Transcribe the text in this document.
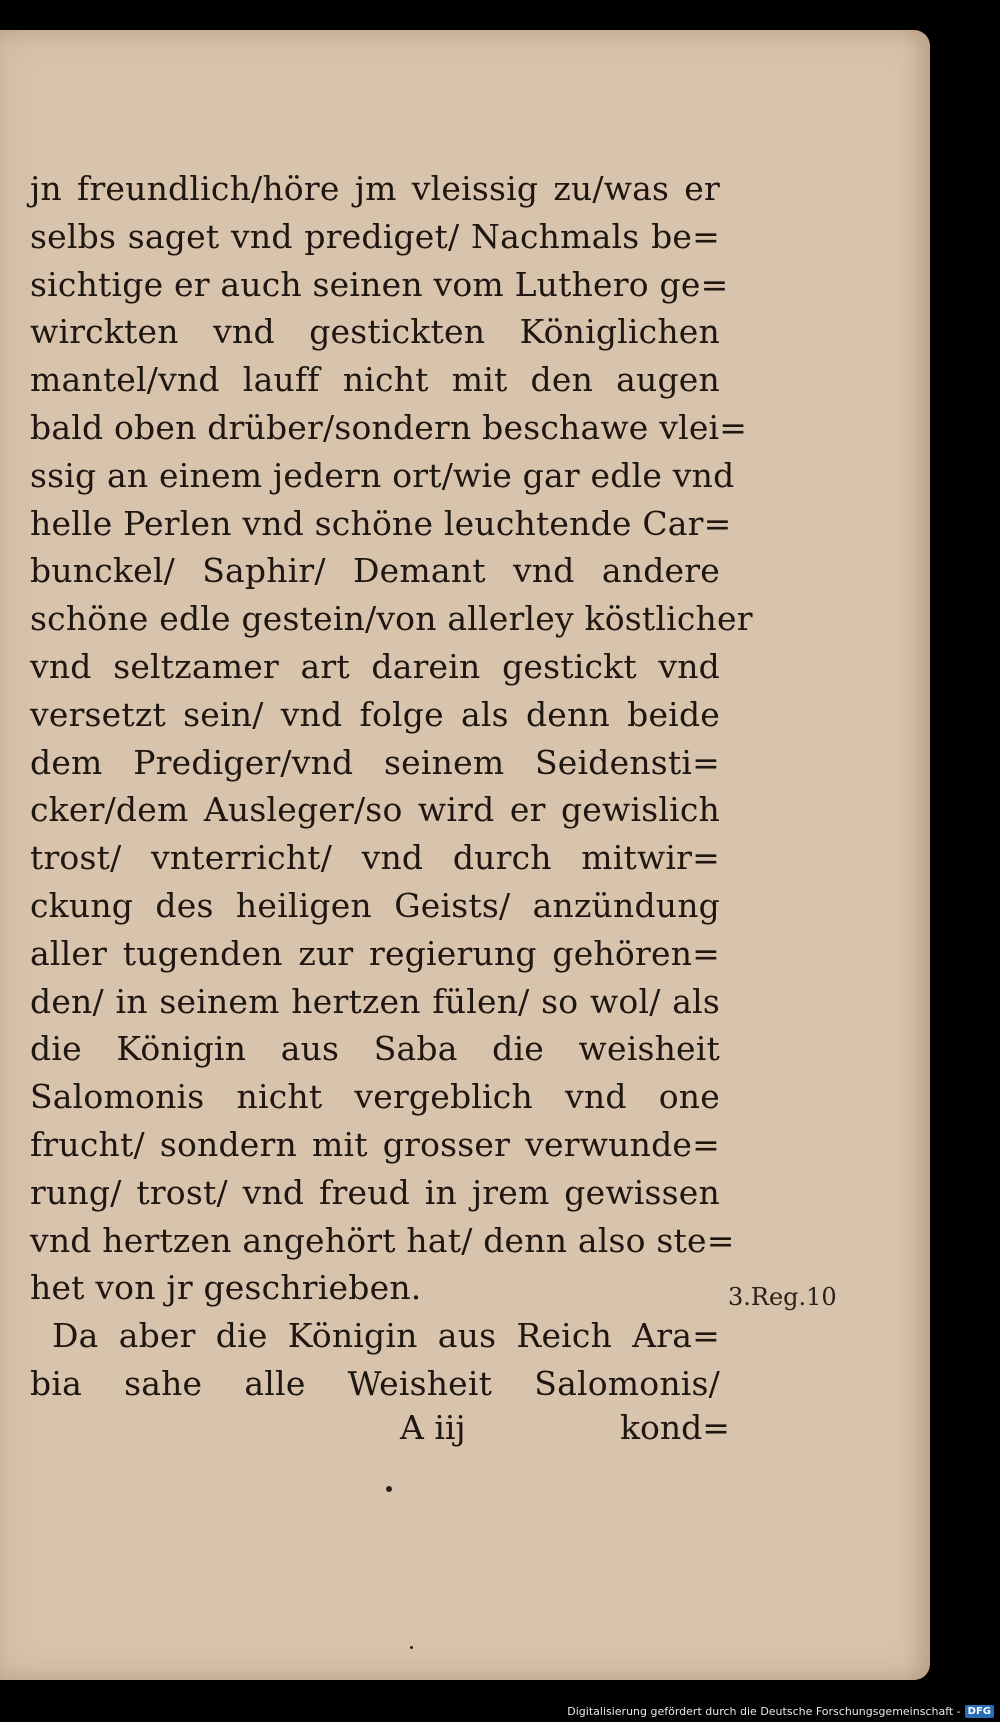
jn freundlich/höre jm vleissig zu/was er
selbs saget vnd prediget/ Nachmals be=
sichtige er auch seinen vom Luthero ge=
wirckten vnd gestickten Königlichen
mantel/vnd lauff nicht mit den augen
bald oben drüber/sondern beschawe vlei=
ssig an einem jedern ort/wie gar edle vnd
helle Perlen vnd schöne leuchtende Car=
bunckel/ Saphir/ Demant vnd andere
schöne edle gestein/von allerley köstlicher
vnd seltzamer art darein gestickt vnd
versetzt sein/ vnd folge als denn beide
dem Prediger/vnd seinem Seidensti=
cker/dem Ausleger/so wird er gewislich
trost/ vnterricht/ vnd durch mitwir=
ckung des heiligen Geists/ anzündung
aller tugenden zur regierung gehören=
den/ in seinem hertzen fülen/ so wol/ als
die Königin aus Saba die weisheit
Salomonis nicht vergeblich vnd one
frucht/ sondern mit grosser verwunde=
rung/ trost/ vnd freud in jrem gewissen
vnd hertzen angehört hat/ denn also ste=
het von jr geschrieben.
Da aber die Königin aus Reich Ara=
bia sahe alle Weisheit Salomonis/
3.Reg.10
A iij	kond=
Digitalisierung gefördert durch die Deutsche Forschungsgemeinschaft - DFG
